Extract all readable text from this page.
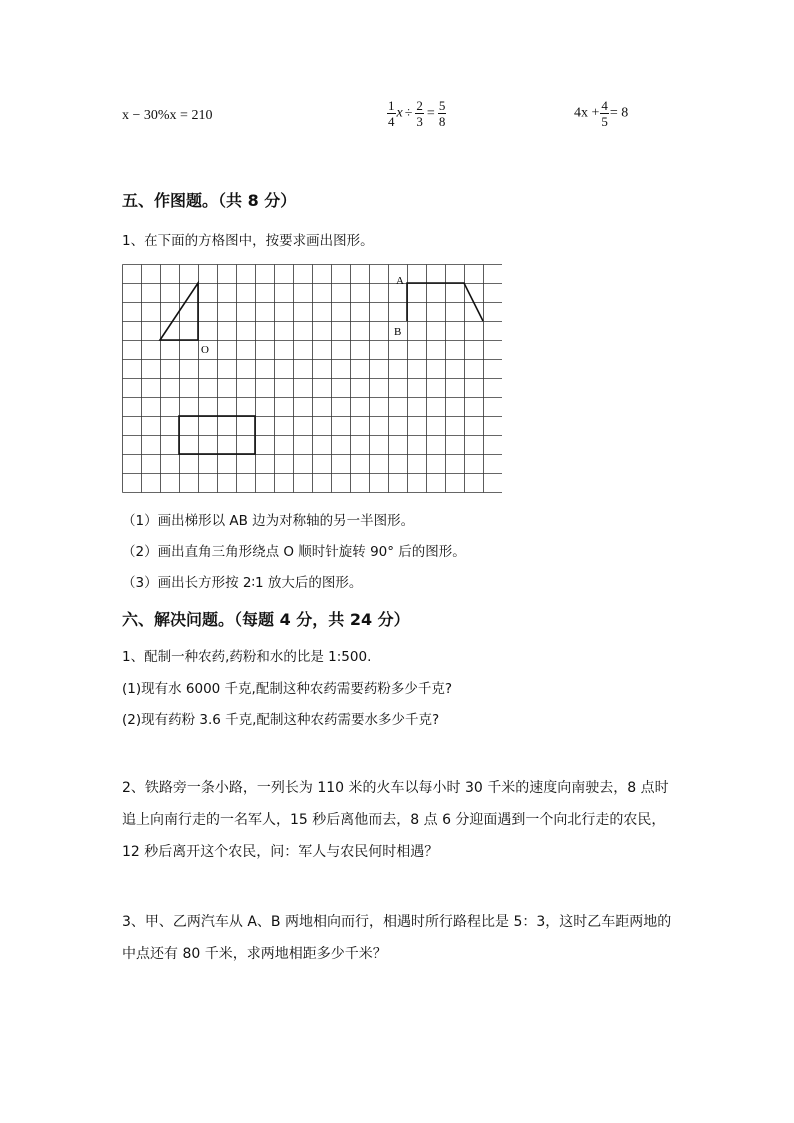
x − 30%x = 210	$\frac{1}{4}$ $x \div \frac{2}{3} = \frac{5}{8}$	$4x + \frac{4}{5} = 8$
五、作图题。（共 8 分）
1、在下面的方格图中，按要求画出图形。
A
B
O
（1）画出梯形以 AB 边为对称轴的另一半图形。
（2）画出直角三角形绕点 O 顺时针旋转 90° 后的图形。
（3）画出长方形按 2∶1 放大后的图形。
六、解决问题。（每题 4 分，共 24 分）
1、配制一种农药,药粉和水的比是 1:500.
(1)现有水 6000 千克,配制这种农药需要药粉多少千克?
(2)现有药粉 3.6 千克,配制这种农药需要水多少千克?
2、铁路旁一条小路，一列长为 110 米的火车以每小时 30 千米的速度向南驶去，8 点时追上向南行走的一名军人，15 秒后离他而去，8 点 6 分迎面遇到一个向北行走的农民，12 秒后离开这个农民，问：军人与农民何时相遇？
3、甲、乙两汽车从 A、B 两地相向而行，相遇时所行路程比是 5：3，这时乙车距两地的中点还有 80 千米，求两地相距多少千米？
